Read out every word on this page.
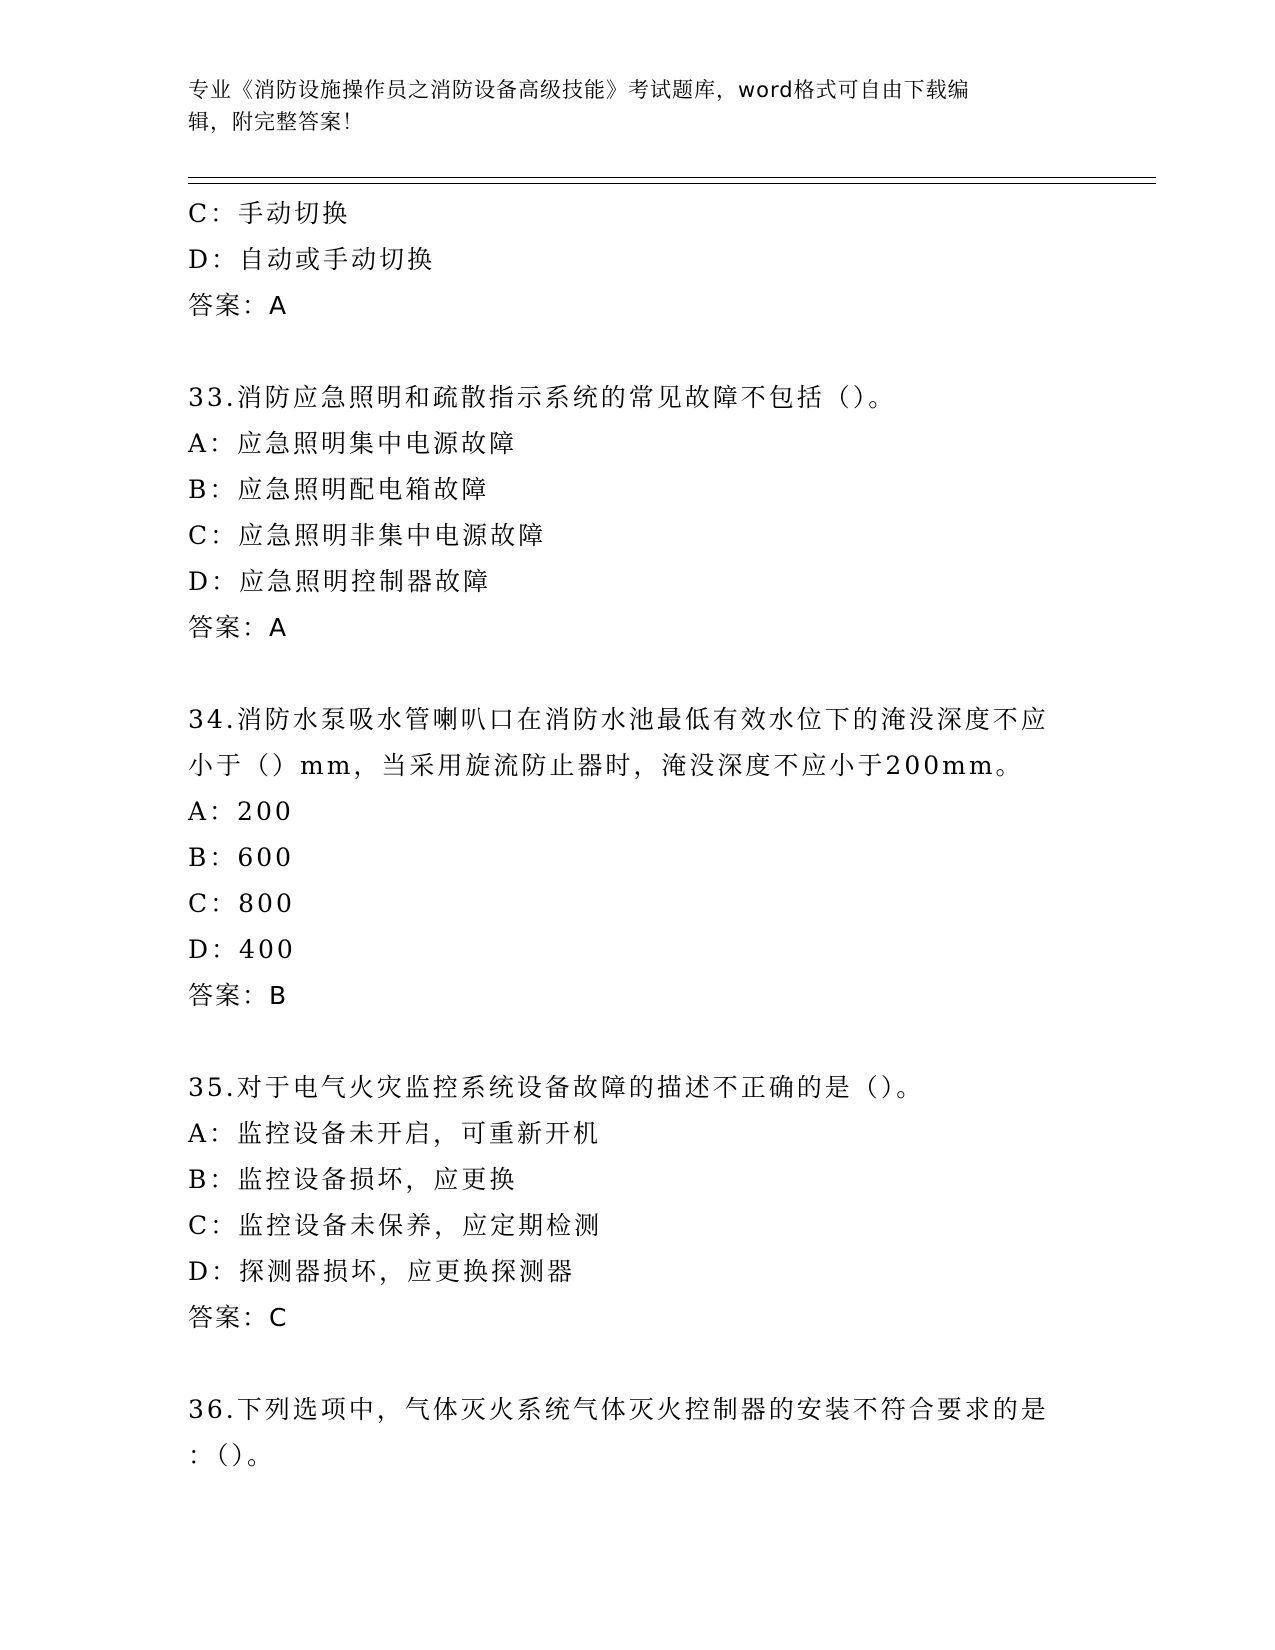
专业《消防设施操作员之消防设备高级技能》考试题库，word格式可自由下载编
辑，附完整答案！
C：手动切换
D：自动或手动切换
答案：A
33.消防应急照明和疏散指示系统的常见故障不包括（）。
A：应急照明集中电源故障
B：应急照明配电箱故障
C：应急照明非集中电源故障
D：应急照明控制器故障
答案：A
34.消防水泵吸水管喇叭口在消防水池最低有效水位下的淹没深度不应
小于（）mm，当采用旋流防止器时，淹没深度不应小于200mm。
A：200
B：600
C：800
D：400
答案：B
35.对于电气火灾监控系统设备故障的描述不正确的是（）。
A：监控设备未开启，可重新开机
B：监控设备损坏，应更换
C：监控设备未保养，应定期检测
D：探测器损坏，应更换探测器
答案：C
36.下列选项中，气体灭火系统气体灭火控制器的安装不符合要求的是
：（）。
